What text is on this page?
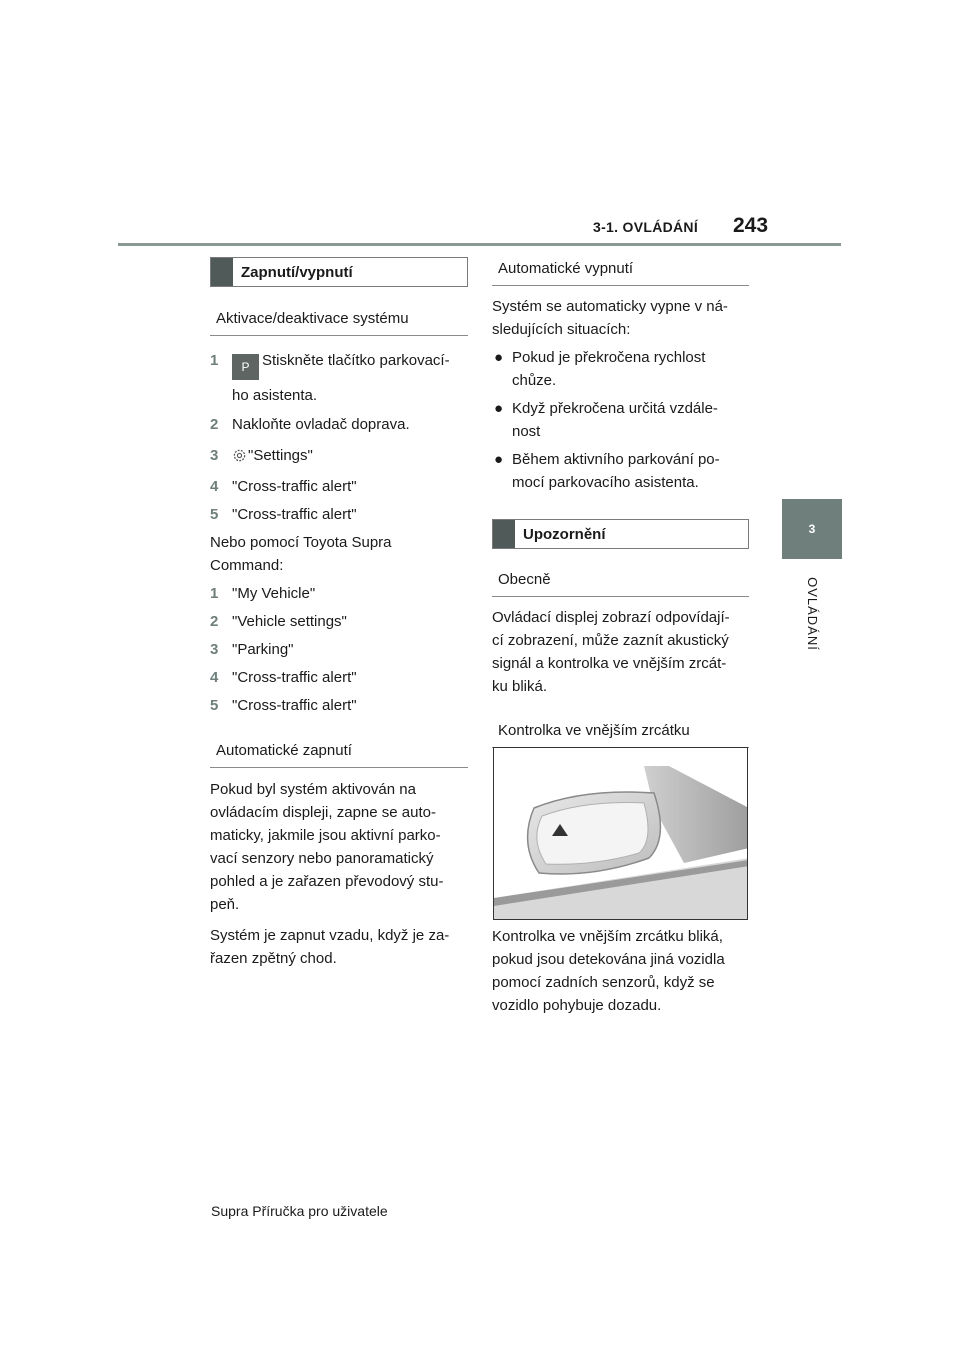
3-1. OVLÁDÁNÍ 243
3
OVLÁDÁNÍ
Zapnutí/vypnutí
Aktivace/deaktivace systému
1 P Stiskněte tlačítko parkovací-
ho asistenta.
2 Nakloňte ovladač doprava.
3 "Settings"
4 "Cross-traffic alert"
5 "Cross-traffic alert"
Nebo pomocí Toyota Supra
Command:
1 "My Vehicle"
2 "Vehicle settings"
3 "Parking"
4 "Cross-traffic alert"
5 "Cross-traffic alert"
Automatické zapnutí
Pokud byl systém aktivován na
ovládacím displeji, zapne se auto-
maticky, jakmile jsou aktivní parko-
vací senzory nebo panoramatický
pohled a je zařazen převodový stu-
peň.
Systém je zapnut vzadu, když je za-
řazen zpětný chod.
Automatické vypnutí
Systém se automaticky vypne v ná-
sledujících situacích:
● Pokud je překročena rychlost
chůze.
● Když překročena určitá vzdále-
nost
● Během aktivního parkování po-
mocí parkovacího asistenta.
Upozornění
Obecně
Ovládací displej zobrazí odpovídají-
cí zobrazení, může zaznít akustický
signál a kontrolka ve vnějším zrcát-
ku bliká.
Kontrolka ve vnějším zrcátku
Kontrolka ve vnějším zrcátku bliká,
pokud jsou detekována jiná vozidla
pomocí zadních senzorů, když se
vozidlo pohybuje dozadu.
Supra Příručka pro uživatele
